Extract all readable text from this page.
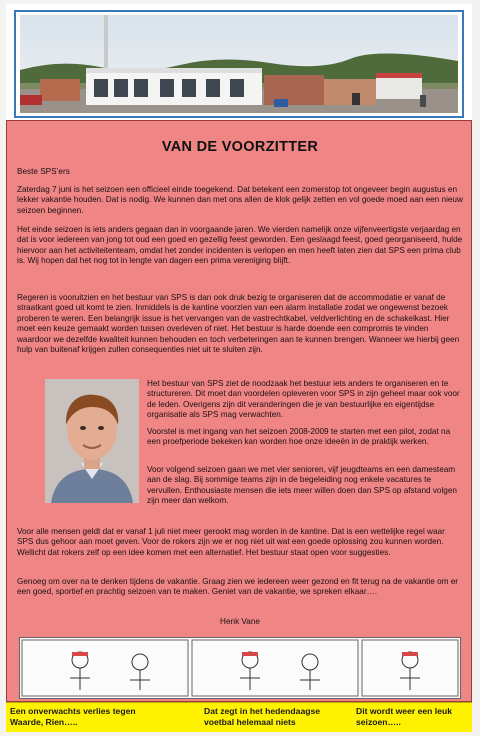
VAN DE VOORZITTER

Beste SPS’ers

Zaterdag 7 juni is het seizoen een officieel einde toegekend. Dat betekent een zomerstop tot ongeveer begin augustus en lekker vakantie houden. Dat is nodig. We kunnen dan met ons allen de klok gelijk zetten en vol goede moed aan een nieuw seizoen beginnen.

Het einde seizoen is iets anders gegaan dan in voorgaande jaren. We vierden namelijk onze vijfenveertigste verjaardag en dat is voor iedereen van jong tot oud een goed en gezellig feest geworden. Een geslaagd feest, goed georganiseerd, hulde hiervoor aan het activiteitenteam, omdat het zonder incidenten is verlopen en men heeft laten zien dat SPS een prima club is. Wij hopen dat het nog tot in lengte van dagen een prima vereniging blijft.

Regeren is vooruitzien en het bestuur van SPS is dan ook druk bezig te organiseren dat de accommodatie er vanaf de straatkant goed uit komt te zien. Inmiddels is de kantine voorzien van een alarm installatie zodat we ongewenst bezoek proberen te weren. Een belangrijk issue is het vervangen van de vastrechtkabel, veldverlichting en de schakelkast. Hier moet een keuze gemaakt worden tussen overleven of niet. Het bestuur is harde doende een compromis te vinden waardoor we dezelfde kwaliteit kunnen behouden en toch verbeteringen aan te kunnen brengen. Wanneer we hierbij geen hulp van buitenaf krijgen zullen consequenties niet uit te sluiten zijn.

Het bestuur van SPS ziet de noodzaak het bestuur iets anders te organiseren en te structureren. Dit moet dan voordelen opleveren voor SPS in zijn geheel maar ook voor de leden. Overigens zijn dit veranderingen die je van bestuurlijke en eigentijdse organisatie als SPS mag verwachten.

Voorstel is met ingang van het seizoen 2008-2009 te starten met een pilot, zodat na een proefperiode bekeken kan worden hoe onze ideeën in de praktijk werken.

Voor volgend seizoen gaan we met vier senioren, vijf jeugdteams en een damesteam aan de slag. Bij sommige teams zijn in de begeleiding nog enkele vacatures te vervullen. Enthousiaste mensen die iets meer willen doen dan SPS op afstand volgen zijn meer dan welkom.

Voor alle mensen geldt dat er vanaf 1 juli niet meer gerookt mag worden in de kantine. Dat is een wettelijke regel waar SPS dus gehoor aan moet geven. Voor de rokers zijn we er nog niet uit wat een goede oplossing zou kunnen worden. Wellicht dat rokers zelf op een idee komen met een alternatief. Het bestuur staat open voor suggesties.

Genoeg om over na te denken tijdens de vakantie. Graag zien we iedereen weer gezond en fit terug na de vakantie om er een goed, sportief en prachtig seizoen van te maken. Geniet van de vakantie, we spreken elkaar….

Henk Vane

Een onverwachts verlies tegen Waarde, Rien…..

Dat zegt in het hedendaagse voetbal helemaal niets

Dit wordt weer een leuk seizoen…..
